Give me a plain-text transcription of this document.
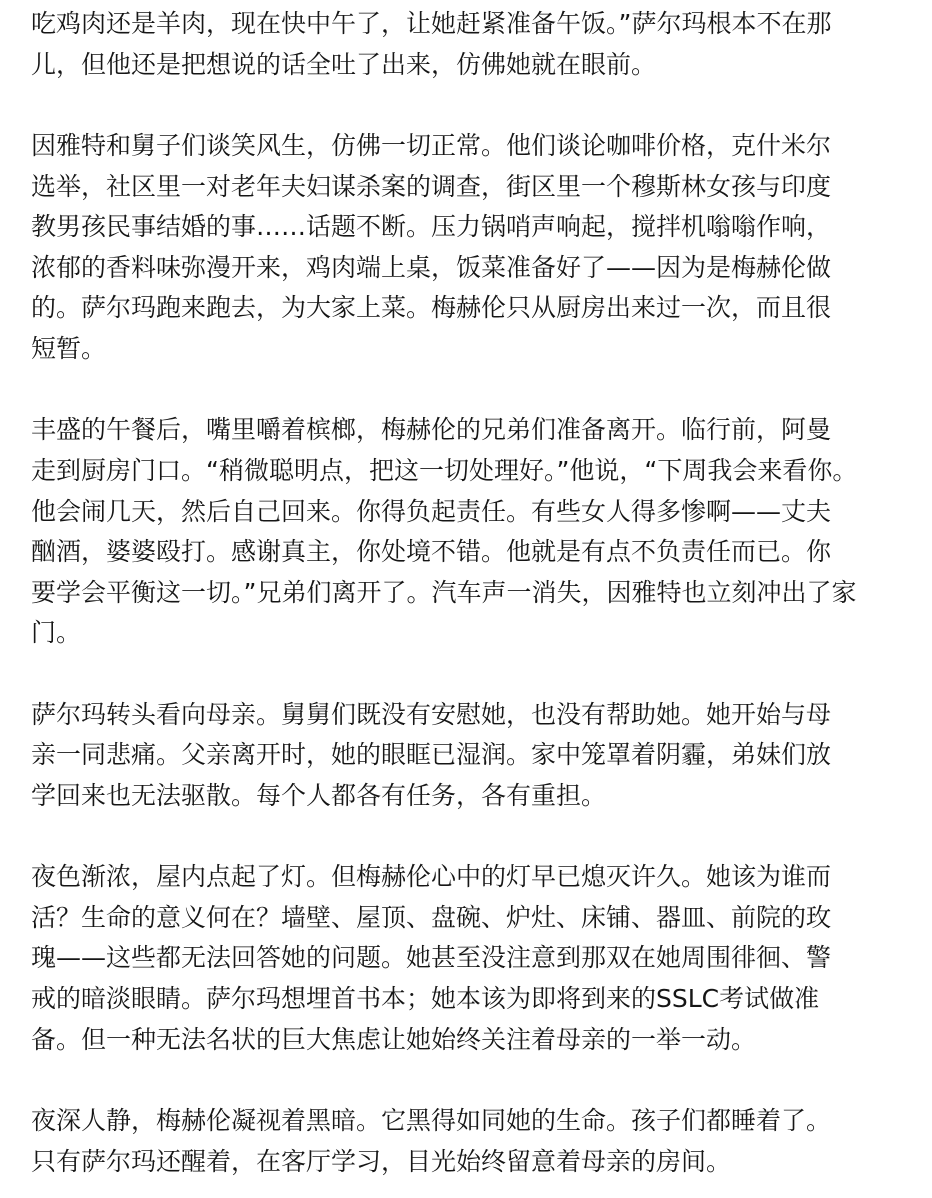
吃鸡肉还是羊肉，现在快中午了，让她赶紧准备午饭。”萨尔玛根本不在那
儿，但他还是把想说的话全吐了出来，仿佛她就在眼前。
因雅特和舅子们谈笑风生，仿佛一切正常。他们谈论咖啡价格，克什米尔
选举，社区里一对老年夫妇谋杀案的调查，街区里一个穆斯林女孩与印度
教男孩民事结婚的事……话题不断。压力锅哨声响起，搅拌机嗡嗡作响，
浓郁的香料味弥漫开来，鸡肉端上桌，饭菜准备好了——因为是梅赫伦做
的。萨尔玛跑来跑去，为大家上菜。梅赫伦只从厨房出来过一次，而且很
短暂。
丰盛的午餐后，嘴里嚼着槟榔，梅赫伦的兄弟们准备离开。临行前，阿曼
走到厨房门口。“稍微聪明点，把这一切处理好。”他说，“下周我会来看你。
他会闹几天，然后自己回来。你得负起责任。有些女人得多惨啊——丈夫
酗酒，婆婆殴打。感谢真主，你处境不错。他就是有点不负责任而已。你
要学会平衡这一切。”兄弟们离开了。汽车声一消失，因雅特也立刻冲出了家
门。
萨尔玛转头看向母亲。舅舅们既没有安慰她，也没有帮助她。她开始与母
亲一同悲痛。父亲离开时，她的眼眶已湿润。家中笼罩着阴霾，弟妹们放
学回来也无法驱散。每个人都各有任务，各有重担。
夜色渐浓，屋内点起了灯。但梅赫伦心中的灯早已熄灭许久。她该为谁而
活？生命的意义何在？墙壁、屋顶、盘碗、炉灶、床铺、器皿、前院的玫
瑰——这些都无法回答她的问题。她甚至没注意到那双在她周围徘徊、警
戒的暗淡眼睛。萨尔玛想埋首书本；她本该为即将到来的SSLC考试做准
备。但一种无法名状的巨大焦虑让她始终关注着母亲的一举一动。
夜深人静，梅赫伦凝视着黑暗。它黑得如同她的生命。孩子们都睡着了。
只有萨尔玛还醒着，在客厅学习，目光始终留意着母亲的房间。
